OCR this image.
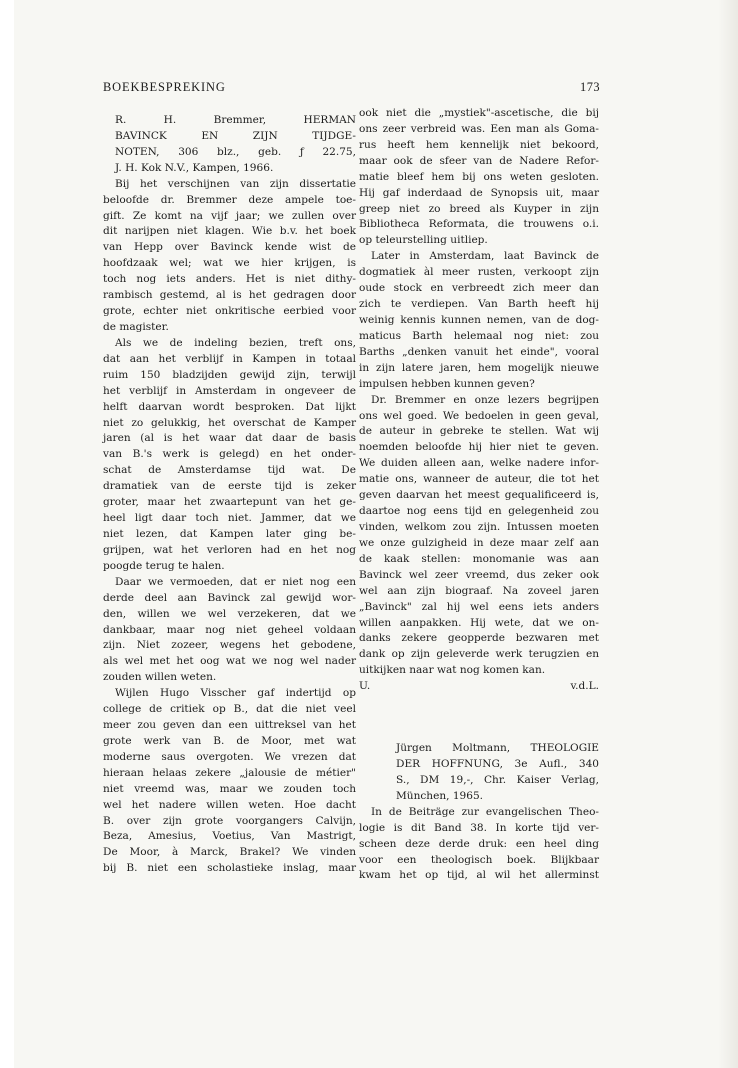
BOEKBESPREKING	173
R. H. Bremmer, HERMAN
BAVINCK EN ZIJN TIJDGE-
NOTEN, 306 blz., geb. ƒ 22.75,
J. H. Kok N.V., Kampen, 1966.
Bij het verschijnen van zijn dissertatie
beloofde dr. Bremmer deze ampele toe-
gift. Ze komt na vijf jaar; we zullen over
dit narijpen niet klagen. Wie b.v. het boek
van Hepp over Bavinck kende wist de
hoofdzaak wel; wat we hier krijgen, is
toch nog iets anders. Het is niet dithy-
rambisch gestemd, al is het gedragen door
grote, echter niet onkritische eerbied voor
de magister.
Als we de indeling bezien, treft ons,
dat aan het verblijf in Kampen in totaal
ruim 150 bladzijden gewijd zijn, terwijl
het verblijf in Amsterdam in ongeveer de
helft daarvan wordt besproken. Dat lijkt
niet zo gelukkig, het overschat de Kamper
jaren (al is het waar dat daar de basis
van B.'s werk is gelegd) en het onder-
schat de Amsterdamse tijd wat. De
dramatiek van de eerste tijd is zeker
groter, maar het zwaartepunt van het ge-
heel ligt daar toch niet. Jammer, dat we
niet lezen, dat Kampen later ging be-
grijpen, wat het verloren had en het nog
poogde terug te halen.
Daar we vermoeden, dat er niet nog een
derde deel aan Bavinck zal gewijd wor-
den, willen we wel verzekeren, dat we
dankbaar, maar nog niet geheel voldaan
zijn. Niet zozeer, wegens het gebodene,
als wel met het oog wat we nog wel nader
zouden willen weten.
Wijlen Hugo Visscher gaf indertijd op
college de critiek op B., dat die niet veel
meer zou geven dan een uittreksel van het
grote werk van B. de Moor, met wat
moderne saus overgoten. We vrezen dat
hieraan helaas zekere „jalousie de métier"
niet vreemd was, maar we zouden toch
wel het nadere willen weten. Hoe dacht
B. over zijn grote voorgangers Calvijn,
Beza, Amesius, Voetius, Van Mastrigt,
De Moor, à Marck, Brakel? We vinden
bij B. niet een scholastieke inslag, maar
ook niet die „mystiek"-ascetische, die bij
ons zeer verbreid was. Een man als Goma-
rus heeft hem kennelijk niet bekoord,
maar ook de sfeer van de Nadere Refor-
matie bleef hem bij ons weten gesloten.
Hij gaf inderdaad de Synopsis uit, maar
greep niet zo breed als Kuyper in zijn
Bibliotheca Reformata, die trouwens o.i.
op teleurstelling uitliep.
Later in Amsterdam, laat Bavinck de
dogmatiek àl meer rusten, verkoopt zijn
oude stock en verbreedt zich meer dan
zich te verdiepen. Van Barth heeft hij
weinig kennis kunnen nemen, van de dog-
maticus Barth helemaal nog niet: zou
Barths „denken vanuit het einde", vooral
in zijn latere jaren, hem mogelijk nieuwe
impulsen hebben kunnen geven?
Dr. Bremmer en onze lezers begrijpen
ons wel goed. We bedoelen in geen geval,
de auteur in gebreke te stellen. Wat wij
noemden beloofde hij hier niet te geven.
We duiden alleen aan, welke nadere infor-
matie ons, wanneer de auteur, die tot het
geven daarvan het meest gequalificeerd is,
daartoe nog eens tijd en gelegenheid zou
vinden, welkom zou zijn. Intussen moeten
we onze gulzigheid in deze maar zelf aan
de kaak stellen: monomanie was aan
Bavinck wel zeer vreemd, dus zeker ook
wel aan zijn biograaf. Na zoveel jaren
„Bavinck" zal hij wel eens iets anders
willen aanpakken. Hij wete, dat we on-
danks zekere geopperde bezwaren met
dank op zijn geleverde werk terugzien en
uitkijken naar wat nog komen kan.
U.	v.d.L.
Jürgen Moltmann, THEOLOGIE
DER HOFFNUNG, 3e Aufl., 340
S., DM 19,-, Chr. Kaiser Verlag,
München, 1965.
In de Beiträge zur evangelischen Theo-
logie is dit Band 38. In korte tijd ver-
scheen deze derde druk: een heel ding
voor een theologisch boek. Blijkbaar
kwam het op tijd, al wil het allerminst
